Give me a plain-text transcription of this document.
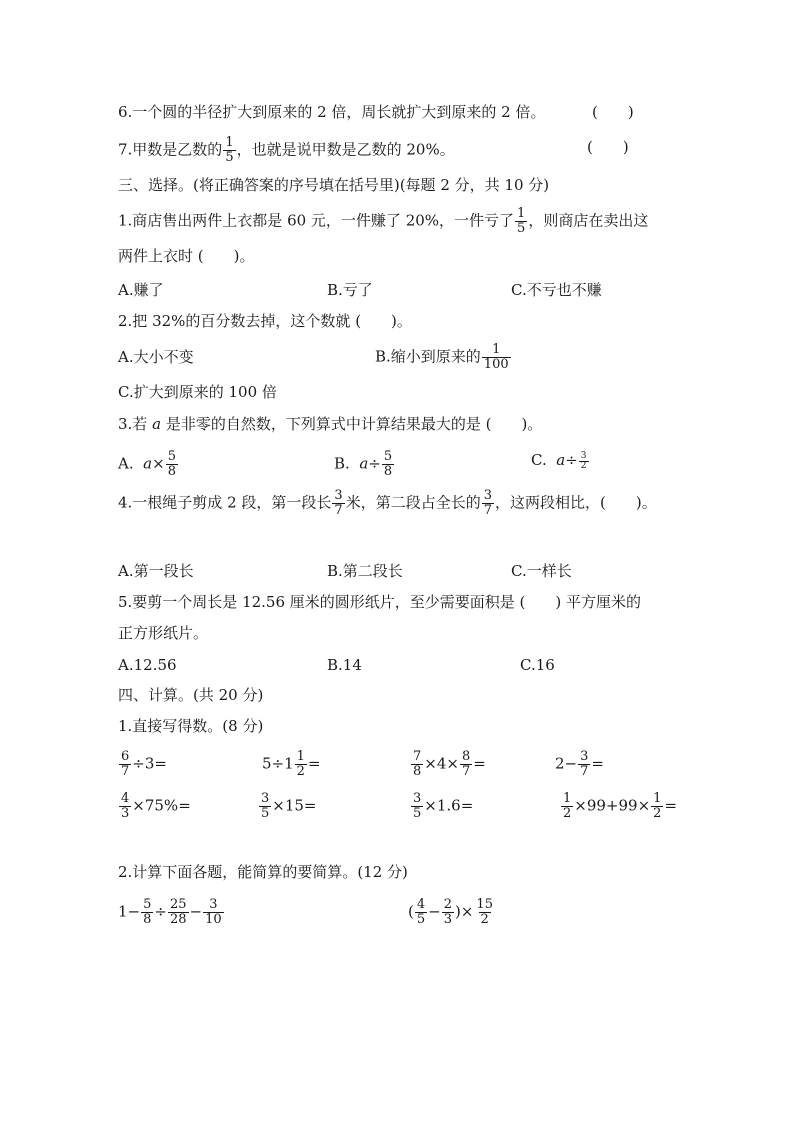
6.一个圆的半径扩大到原来的 2 倍，周长就扩大到原来的 2 倍。	(　　)
7.甲数是乙数的 $\frac{1}{5}$ ，也就是说甲数是乙数的 20%。	(　　)
三、选择。(将正确答案的序号填在括号里)(每题 2 分，共 10 分)
1.商店售出两件上衣都是 60 元，一件赚了 20%，一件亏了 $\frac{1}{5}$ ，则商店在卖出这
两件上衣时 (　　)。
A.赚了	B.亏了	C.不亏也不赚
2.把 32%的百分数去掉，这个数就 (　　)。
A.大小不变	B.缩小到原来的 $\frac{1}{100}$
C.扩大到原来的 100 倍
3.若 a 是非零的自然数，下列算式中计算结果最大的是 (　　)。
A. $a\times \frac{5}{8}$	B. $a\div \frac{5}{8}$	C. $a\div \frac{3}{2}$
4.一根绳子剪成 2 段，第一段长 $\frac{3}{7}$ 米，第二段占全长的 $\frac{3}{7}$ ，这两段相比，(　　)。
A.第一段长	B.第二段长	C.一样长
5.要剪一个周长是 12.56 厘米的圆形纸片，至少需要面积是 (　　) 平方厘米的
正方形纸片。
A.12.56	B.14	C.16
四、计算。(共 20 分)
1.直接写得数。(8 分)
$\frac{6}{7} \div 3=$	$5\div 1 \frac{1}{2}$ =	$\frac{7}{8} \times 4\times \frac{8}{7}$ =	$2- \frac{3}{7}$ =
$\frac{4}{3} \times 75\%=$	$\frac{3}{5} \times 15=$	$\frac{3}{5} \times 1.6=$	$\frac{1}{2} \times 99+99\times \frac{1}{2}$ =
2.计算下面各题，能简算的要简算。(12 分)
$1- \frac{5}{8} \div \frac{25}{28} - \frac{3}{10}$	( $\frac{4}{5} - \frac{2}{3}$ )× $\frac{15}{2}$
